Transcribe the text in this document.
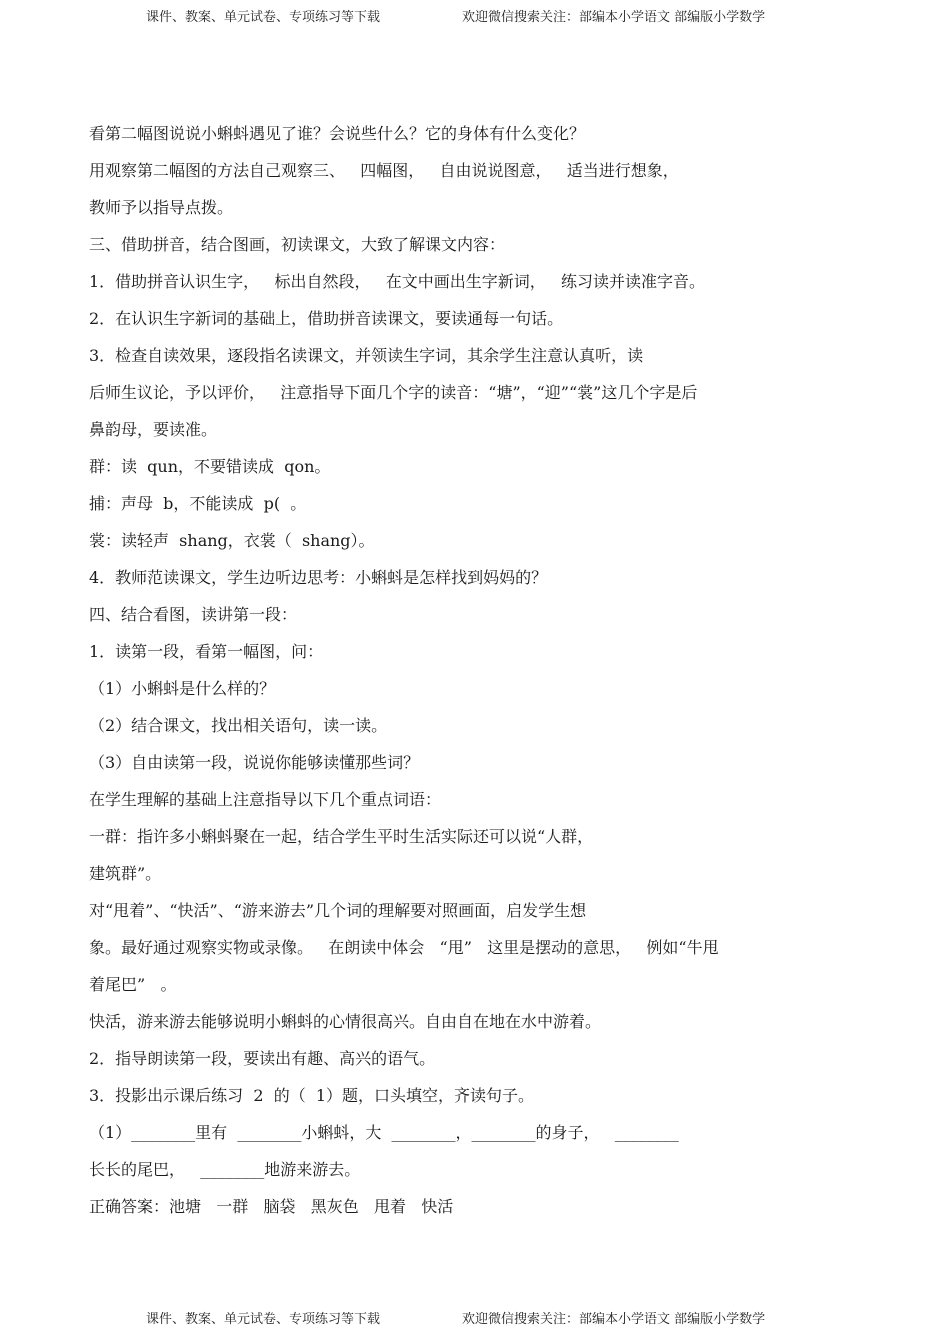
课件、教案、单元试卷、专项练习等下载	欢迎微信搜索关注：部编本小学语文 部编版小学数学
看第二幅图说说小蝌蚪遇见了谁？会说些什么？它的身体有什么变化？
用观察第二幅图的方法自己观察三、   四幅图，   自由说说图意，   适当进行想象，
教师予以指导点拨。
三、借助拼音，结合图画，初读课文，大致了解课文内容：
1．借助拼音认识生字，   标出自然段，   在文中画出生字新词，   练习读并读准字音。
2．在认识生字新词的基础上，借助拼音读课文，要读通每一句话。
3．检查自读效果，逐段指名读课文，并领读生字词，其余学生注意认真听，读
后师生议论，予以评价，   注意指导下面几个字的读音：“塘”，“迎”“裳”这几个字是后
鼻韵母，要读准。
群：读  qun，不要错读成  qon。
捕：声母  b，不能读成  p(  。
裳：读轻声  shang，衣裳（  shang）。
4．教师范读课文，学生边听边思考：小蝌蚪是怎样找到妈妈的？
四、结合看图，读讲第一段：
1．读第一段，看第一幅图，问：
（1）小蝌蚪是什么样的？
（2）结合课文，找出相关语句，读一读。
（3）自由读第一段，说说你能够读懂那些词？
在学生理解的基础上注意指导以下几个重点词语：
一群：指许多小蝌蚪聚在一起，结合学生平时生活实际还可以说“人群，
建筑群”。
对“甩着”、“快活”、“游来游去”几个词的理解要对照画面，启发学生想
象。最好通过观察实物或录像。   在朗读中体会   “甩”   这里是摆动的意思，   例如“牛甩
着尾巴”   。
快活，游来游去能够说明小蝌蚪的心情很高兴。自由自在地在水中游着。
2．指导朗读第一段，要读出有趣、高兴的语气。
3．投影出示课后练习  2  的（  1）题，口头填空，齐读句子。
（1）________里有  ________小蝌蚪，大  ________，________的身子，   ________
长长的尾巴，   ________地游来游去。
正确答案：池塘   一群   脑袋   黑灰色   甩着   快活
课件、教案、单元试卷、专项练习等下载	欢迎微信搜索关注：部编本小学语文 部编版小学数学
